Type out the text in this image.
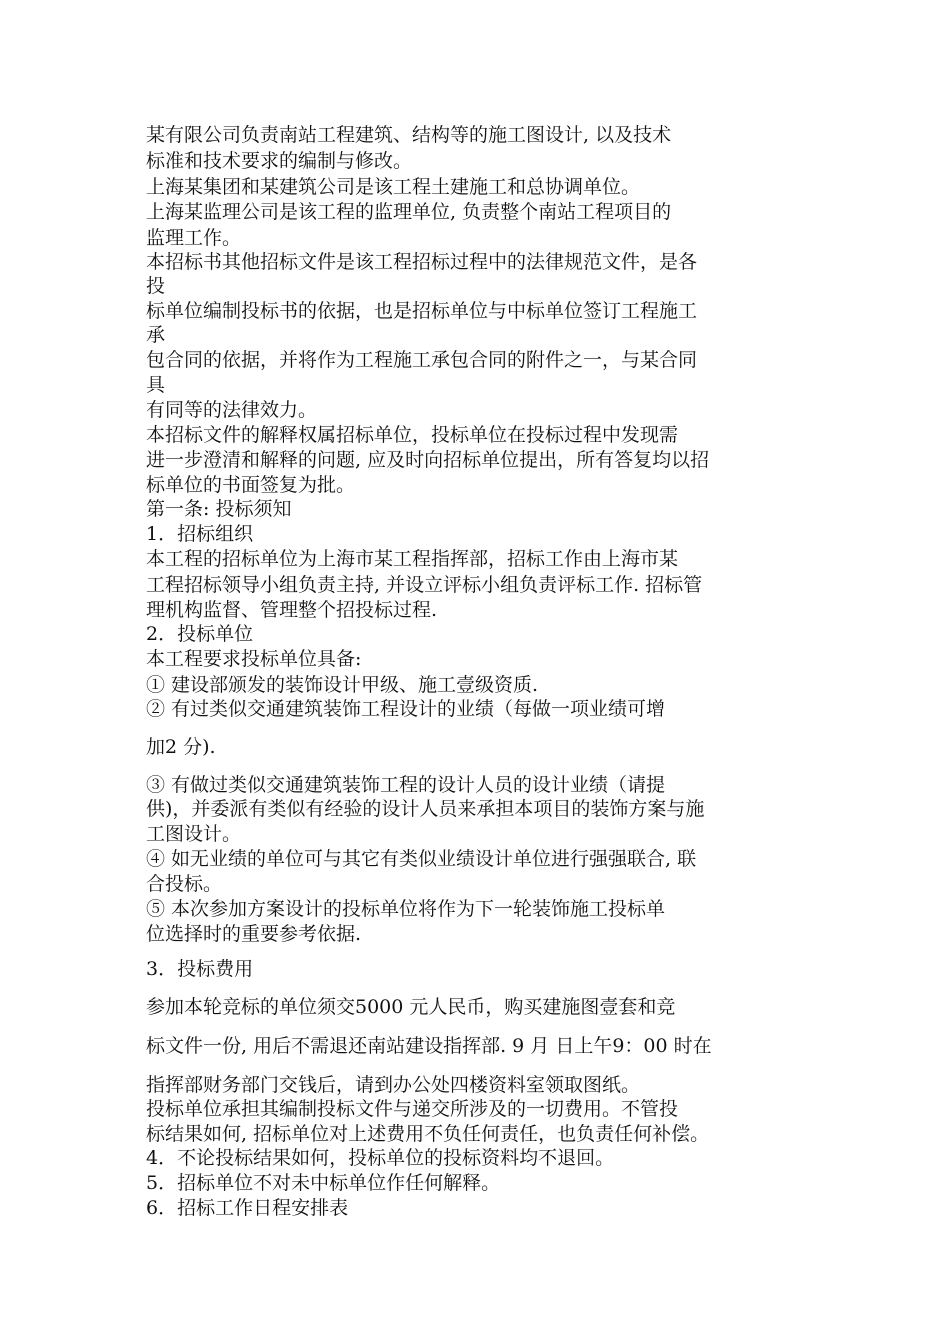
某有限公司负责南站工程建筑、结构等的施工图设计, 以及技术
标准和技术要求的编制与修改。
上海某集团和某建筑公司是该工程土建施工和总协调单位。
上海某监理公司是该工程的监理单位, 负责整个南站工程项目的
监理工作。
本招标书其他招标文件是该工程招标过程中的法律规范文件，是各
投
标单位编制投标书的依据，也是招标单位与中标单位签订工程施工
承
包合同的依据，并将作为工程施工承包合同的附件之一，与某合同
具
有同等的法律效力。
本招标文件的解释权属招标单位，投标单位在投标过程中发现需
进一步澄清和解释的问题, 应及时向招标单位提出，所有答复均以招
标单位的书面签复为批。
第一条: 投标须知
1．招标组织
本工程的招标单位为上海市某工程指挥部，招标工作由上海市某
工程招标领导小组负责主持, 并设立评标小组负责评标工作. 招标管
理机构监督、管理整个招投标过程.
2．投标单位
本工程要求投标单位具备:
① 建设部颁发的装饰设计甲级、施工壹级资质.
② 有过类似交通建筑装饰工程设计的业绩（每做一项业绩可增
加2 分).
③ 有做过类似交通建筑装饰工程的设计人员的设计业绩（请提
供)，并委派有类似有经验的设计人员来承担本项目的装饰方案与施
工图设计。
④ 如无业绩的单位可与其它有类似业绩设计单位进行强强联合, 联
合投标。
⑤ 本次参加方案设计的投标单位将作为下一轮装饰施工投标单
位选择时的重要参考依据.
3．投标费用
参加本轮竞标的单位须交5000 元人民币，购买建施图壹套和竞
标文件一份, 用后不需退还南站建设指挥部. 9 月 日上午9：00 时在
指挥部财务部门交钱后，请到办公处四楼资料室领取图纸。
投标单位承担其编制投标文件与递交所涉及的一切费用。不管投
标结果如何, 招标单位对上述费用不负任何责任，也负责任何补偿。
4．不论投标结果如何，投标单位的投标资料均不退回。
5．招标单位不对未中标单位作任何解释。
6．招标工作日程安排表
